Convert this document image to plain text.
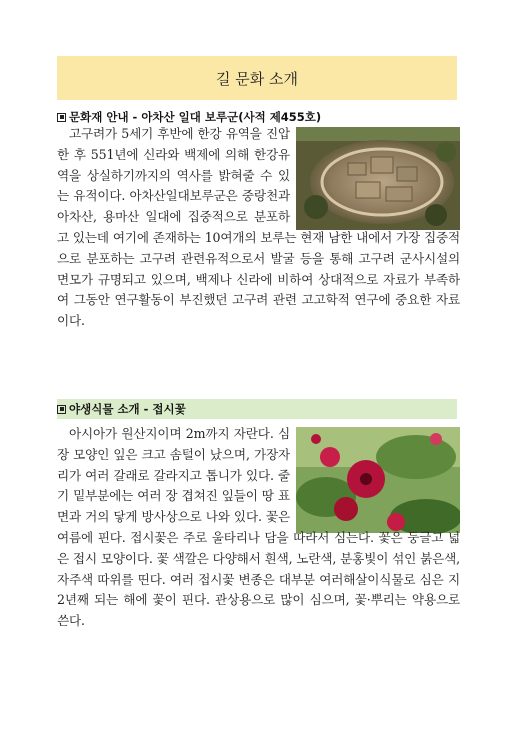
길 문화 소개
문화재 안내 - 아차산 일대 보루군 (사적 제455호)

고구려가 5세기 후반에 한강 유역을 진압한 후 551년에 신라와 백제에 의해 한강유역을 상실하기까지의 역사를 밝혀줄 수 있는 유적이다. 아차산일대보루군은 중랑천과 아차산, 용마산 일대에 집중적으로 분포하고 있는데 여기에 존재하는 10여개의 보루는 현재 남한 내에서 가장 집중적으로 분포하는 고구려 관련유적으로서 발굴 등을 통해 고구려 군사시설의 면모가 규명되고 있으며, 백제나 신라에 비하여 상대적으로 자료가 부족하여 그동안 연구활동이 부진했던 고구려 관련 고고학적 연구에 중요한 자료이다.

야생식물 소개 - 접시꽃

아시아가 원산지이며 2m까지 자란다. 심장 모양인 잎은 크고 솜털이 났으며, 가장자리가 여러 갈래로 갈라지고 톱니가 있다. 줄기 밑부분에는 여러 장 겹쳐진 잎들이 땅 표면과 거의 닿게 방사상으로 나와 있다. 꽃은 여름에 핀다. 접시꽃은 주로 울타리나 담을 따라서 심는다. 꽃은 둥글고 넓은 접시 모양이다. 꽃 색깔은 다양해서 흰색, 노란색, 분홍빛이 섞인 붉은색, 자주색 따위를 띤다. 여러 접시꽃 변종은 대부분 여러해살이식물로 심은 지 2년째 되는 해에 꽃이 핀다. 관상용으로 많이 심으며, 꽃·뿌리는 약용으로 쓴다.
